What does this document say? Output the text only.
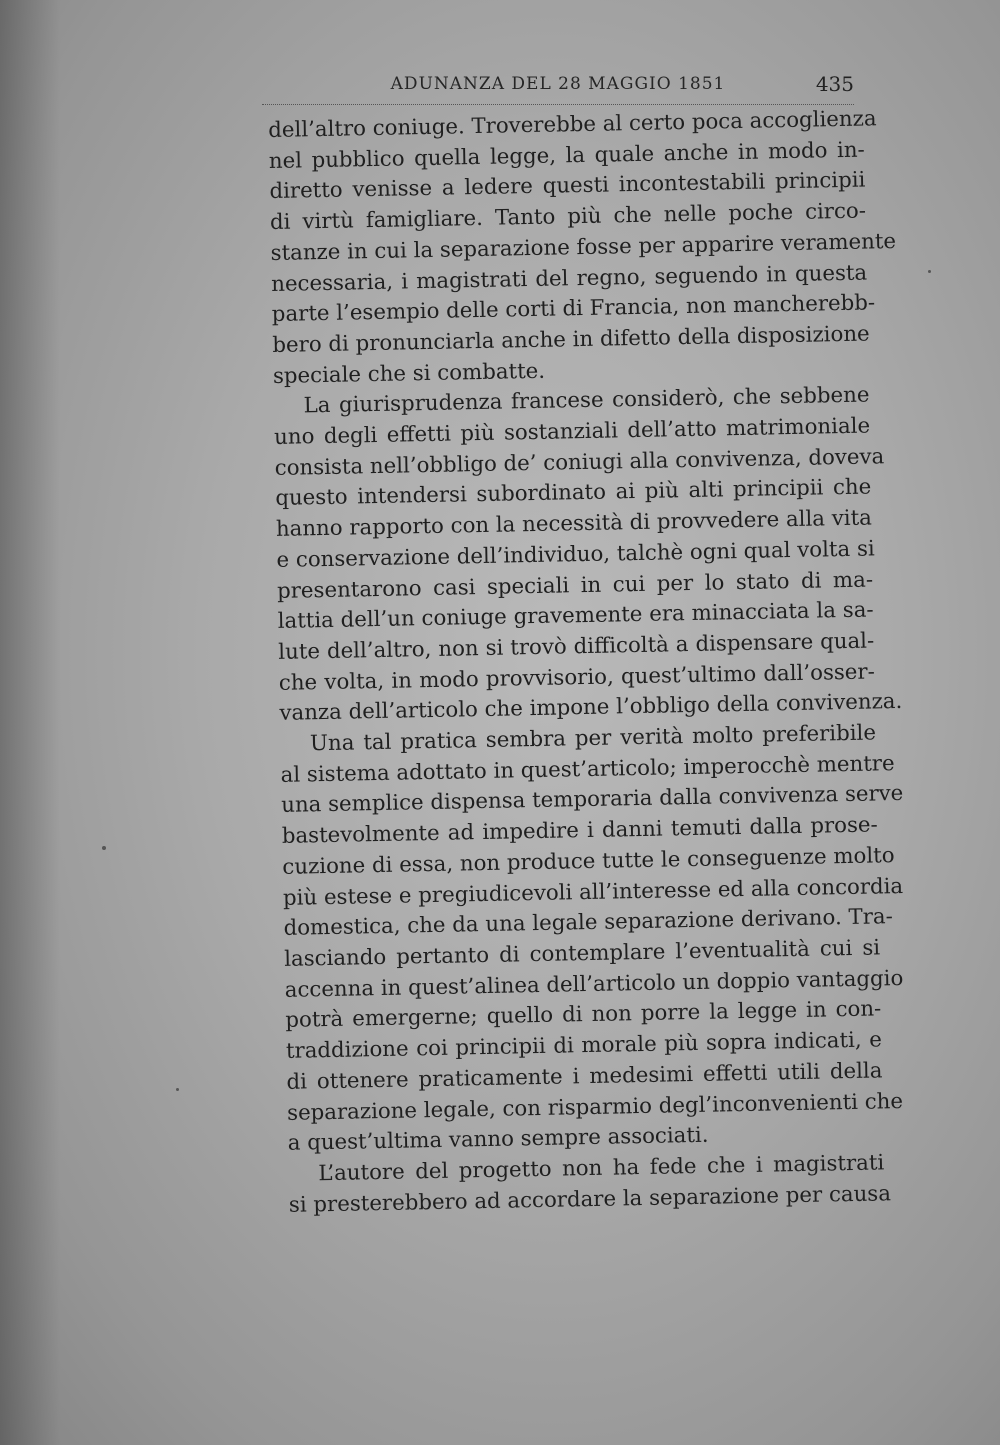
ADUNANZA DEL 28 MAGGIO 1851	435
dell’altro coniuge. Troverebbe al certo poca accoglienza
nel pubblico quella legge, la quale anche in modo in-
diretto venisse a ledere questi incontestabili principii
di virtù famigliare. Tanto più che nelle poche circo-
stanze in cui la separazione fosse per apparire veramente
necessaria, i magistrati del regno, seguendo in questa
parte l’esempio delle corti di Francia, non mancherebb-
bero di pronunciarla anche in difetto della disposizione
speciale che si combatte.
La giurisprudenza francese considerò, che sebbene
uno degli effetti più sostanziali dell’atto matrimoniale
consista nell’obbligo de’ coniugi alla convivenza, doveva
questo intendersi subordinato ai più alti principii che
hanno rapporto con la necessità di provvedere alla vita
e conservazione dell’individuo, talchè ogni qual volta si
presentarono casi speciali in cui per lo stato di ma-
lattia dell’un coniuge gravemente era minacciata la sa-
lute dell’altro, non si trovò difficoltà a dispensare qual-
che volta, in modo provvisorio, quest’ultimo dall’osser-
vanza dell’articolo che impone l’obbligo della convivenza.
Una tal pratica sembra per verità molto preferibile
al sistema adottato in quest’articolo; imperocchè mentre
una semplice dispensa temporaria dalla convivenza serve
bastevolmente ad impedire i danni temuti dalla prose-
cuzione di essa, non produce tutte le conseguenze molto
più estese e pregiudicevoli all’interesse ed alla concordia
domestica, che da una legale separazione derivano. Tra-
lasciando pertanto di contemplare l’eventualità cui si
accenna in quest’alinea dell’articolo un doppio vantaggio
potrà emergerne; quello di non porre la legge in con-
traddizione coi principii di morale più sopra indicati, e
di ottenere praticamente i medesimi effetti utili della
separazione legale, con risparmio degl’inconvenienti che
a quest’ultima vanno sempre associati.
L’autore del progetto non ha fede che i magistrati
si presterebbero ad accordare la separazione per causa
